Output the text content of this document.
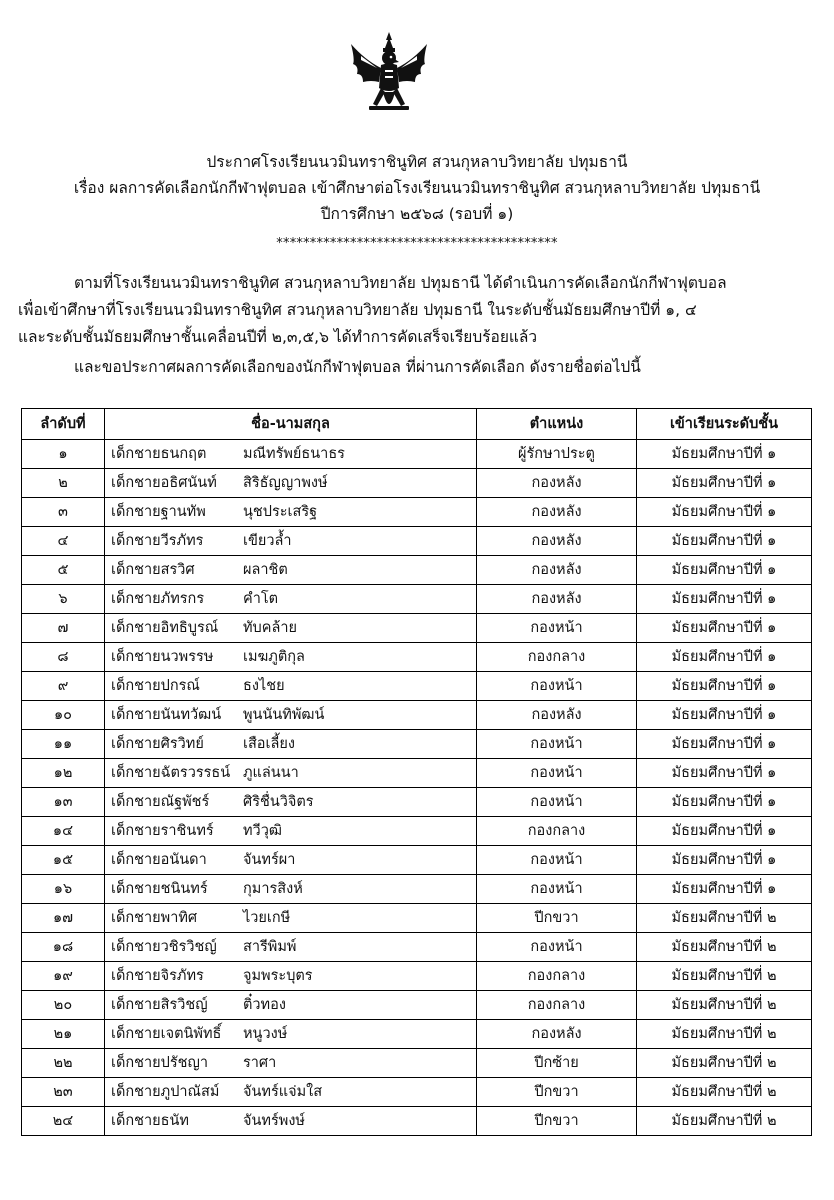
ประกาศโรงเรียนนวมินทราชินูทิศ สวนกุหลาบวิทยาลัย ปทุมธานี
เรื่อง ผลการคัดเลือกนักกีฬาฟุตบอล เข้าศึกษาต่อโรงเรียนนวมินทราชินูทิศ สวนกุหลาบวิทยาลัย ปทุมธานี
ปีการศึกษา ๒๕๖๘ (รอบที่ ๑)
******************************************
ตามที่โรงเรียนนวมินทราชินูทิศ สวนกุหลาบวิทยาลัย ปทุมธานี ได้ดำเนินการคัดเลือกนักกีฬาฟุตบอล
เพื่อเข้าศึกษาที่โรงเรียนนวมินทราชินูทิศ สวนกุหลาบวิทยาลัย ปทุมธานี ในระดับชั้นมัธยมศึกษาปีที่ ๑, ๔
และระดับชั้นมัธยมศึกษาชั้นเคลื่อนปีที่ ๒,๓,๕,๖ ได้ทำการคัดเสร็จเรียบร้อยแล้ว
และขอประกาศผลการคัดเลือกของนักกีฬาฟุตบอล ที่ผ่านการคัดเลือก ดังรายชื่อต่อไปนี้
ลำดับที่	ชื่อ-นามสกุล	ตำแหน่ง	เข้าเรียนระดับชั้น
๑	เด็กชายธนกฤต มณีทรัพย์ธนาธร	ผู้รักษาประตู	มัธยมศึกษาปีที่ ๑
๒	เด็กชายอธิศนันท์ สิริธัญญาพงษ์	กองหลัง	มัธยมศึกษาปีที่ ๑
๓	เด็กชายฐานทัพ นุชประเสริฐ	กองหลัง	มัธยมศึกษาปีที่ ๑
๔	เด็กชายวีรภัทร เขียวล้ำ	กองหลัง	มัธยมศึกษาปีที่ ๑
๕	เด็กชายสรวิศ ผลาชิต	กองหลัง	มัธยมศึกษาปีที่ ๑
๖	เด็กชายภัทรกร คำโต	กองหลัง	มัธยมศึกษาปีที่ ๑
๗	เด็กชายอิทธิบูรณ์ ทับคล้าย	กองหน้า	มัธยมศึกษาปีที่ ๑
๘	เด็กชายนวพรรษ เมฆภูติกุล	กองกลาง	มัธยมศึกษาปีที่ ๑
๙	เด็กชายปกรณ์ ธงไชย	กองหน้า	มัธยมศึกษาปีที่ ๑
๑๐	เด็กชายนันทวัฒน์ พูนนันทิพัฒน์	กองหลัง	มัธยมศึกษาปีที่ ๑
๑๑	เด็กชายศิรวิทย์ เสือเลี้ยง	กองหน้า	มัธยมศึกษาปีที่ ๑
๑๒	เด็กชายฉัตรวรรธน์ ภูแล่นนา	กองหน้า	มัธยมศึกษาปีที่ ๑
๑๓	เด็กชายณัฐพัชร์ ศิริชื่นวิจิตร	กองหน้า	มัธยมศึกษาปีที่ ๑
๑๔	เด็กชายราชินทร์ ทวีวุฒิ	กองกลาง	มัธยมศึกษาปีที่ ๑
๑๕	เด็กชายอนันดา จันทร์ผา	กองหน้า	มัธยมศึกษาปีที่ ๑
๑๖	เด็กชายชนินทร์ กุมารสิงห์	กองหน้า	มัธยมศึกษาปีที่ ๑
๑๗	เด็กชายพาทิศ ไวยเกษี	ปีกขวา	มัธยมศึกษาปีที่ ๒
๑๘	เด็กชายวชิรวิชญ์ สารีพิมพ์	กองหน้า	มัธยมศึกษาปีที่ ๒
๑๙	เด็กชายจิรภัทร จูมพระบุตร	กองกลาง	มัธยมศึกษาปีที่ ๒
๒๐	เด็กชายสิรวิชญ์ ติ๋วทอง	กองกลาง	มัธยมศึกษาปีที่ ๒
๒๑	เด็กชายเจตนิพัทธิ์ หนูวงษ์	กองหลัง	มัธยมศึกษาปีที่ ๒
๒๒	เด็กชายปรัชญา ราศา	ปีกซ้าย	มัธยมศึกษาปีที่ ๒
๒๓	เด็กชายภูปาณัสม์ จันทร์แจ่มใส	ปีกขวา	มัธยมศึกษาปีที่ ๒
๒๔	เด็กชายธนัท จันทร์พงษ์	ปีกขวา	มัธยมศึกษาปีที่ ๒
